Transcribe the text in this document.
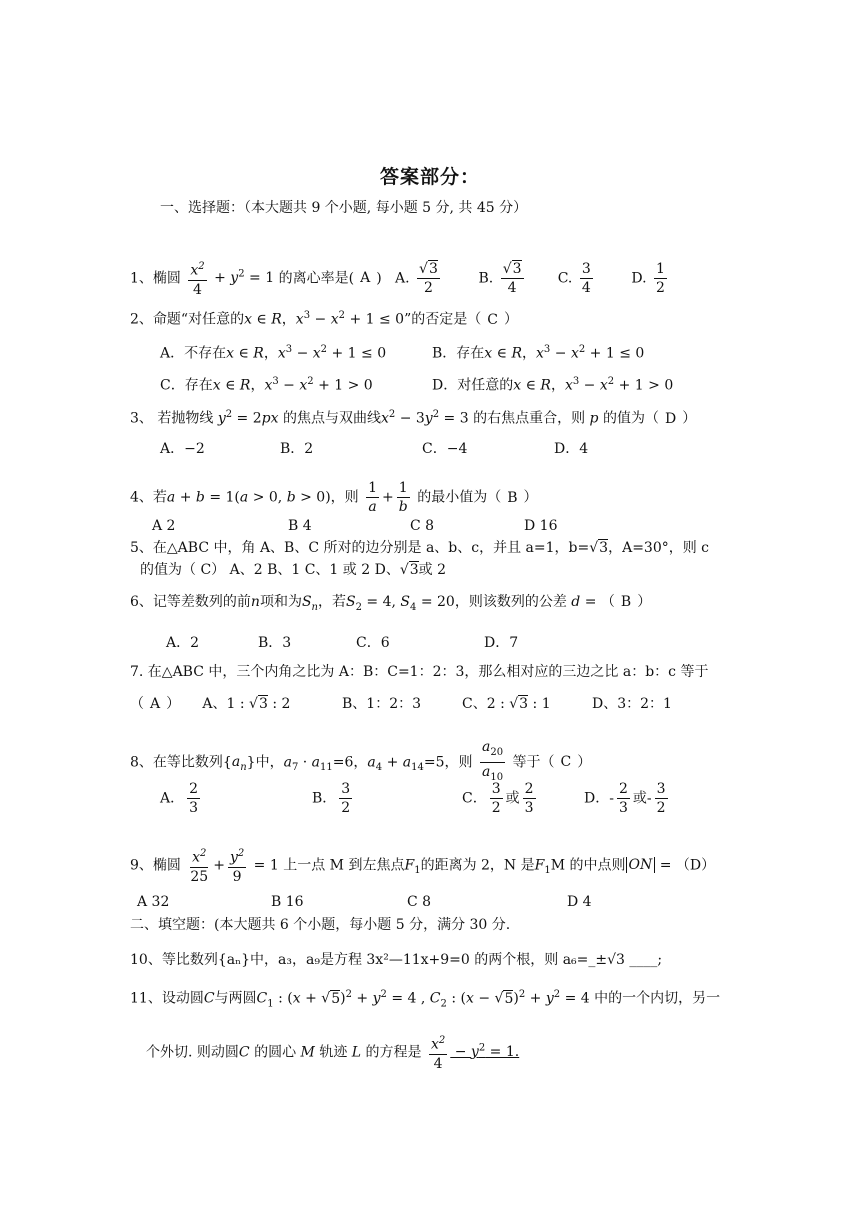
答案部分：
一、选择题：（本大题共 9 个小题, 每小题 5 分, 共 45 分）
1、椭圆 $\frac{x^2}{4} + y^2 = 1$ 的离心率是( A ) A. $\frac{√3}{2}$	B. $\frac{√3}{4} C$. $\frac{3}{4}$	D. $\frac{1}{2}$
2、命题“对任意的x ∈ R，$x^3 - x^2 + 1 \le 0$”的否定是（ C ）
A．不存在x ∈ R，$x^3 - x^2 + 1 \le 0$	B．存在x ∈ R，$x^3 - x^2 + 1 \le 0$
C．存在x ∈ R，$x^3 - x^2 + 1 > 0$	D．对任意的x ∈ R，$x^3 - x^2 + 1 > 0$
3、 若抛物线 $y^2 = 2px$ 的焦点与双曲线$x^2 - 3y^2 = 3$ 的右焦点重合，则 p 的值为（ D ）
A．−2	B．2	C．−4	D．4
4、若a + b = 1(a > 0, b > 0)，则 $\frac{1}{a} + \frac{1}{b}$ 的最小值为（ B ）
A 2	B 4	C 8	D 16
5、在△ABC 中，角 A、B、C 所对的边分别是 a、b、c，并且 a=1，b=√3，A=30°，则 c
的值为（ C） A、2 B、1 C、1 或 2 D、√3或 2
6、记等差数列的前n项和为$S_n$，若$S_2 = 4$, $S_4 = 20$，则该数列的公差 d = （ B ）
A．2	B．3	C．6	D．7
7. 在△ABC 中，三个内角之比为 A：B：C=1：2：3，那么相对应的三边之比 a：b：c 等于
（ A ） A、1 : √3 : 2	B、1：2：3	C、2 : √3 : 1	D、3：2：1
8、在等比数列$\{a_n\}$中，$a_7 \cdot a_{11}=6$，$a_4 + a_{14}=5$，则 $\frac{a_{20}}{a_{10}}$ 等于（ C ）
A． $\frac{2}{3}$	B． $\frac{3}{2}$	C． $\frac{3}{2}$ 或 $\frac{2}{3}$	D．- $\frac{2}{3}$ 或- $\frac{3}{2}$
9、椭圆 $\frac{x^2}{25} + \frac{y^2}{9} = 1$ 上一点 M 到左焦点$F_1$的距离为 2，N 是$F_1M$ 的中点则 ON = （D）
A 32	B 16	C 8	D 4
二、填空题：(本大题共 6 个小题，每小题 5 分，满分 30 分.
10、等比数列{aₙ}中，a₃，a₉是方程 3x²—11x+9=0 的两个根，则 a₆=_±√3 ____;
11、设动圆C与两圆$C_1$ : $(x + √5)^2 + y^2 = 4$ , $C_2$ : $(x - √5)^2 + y^2 = 4$ 中的一个内切，另一
个外切. 则动圆C 的圆心 M 轨迹 L 的方程是 $\frac{x^2}{4} - y^2 = 1$.
